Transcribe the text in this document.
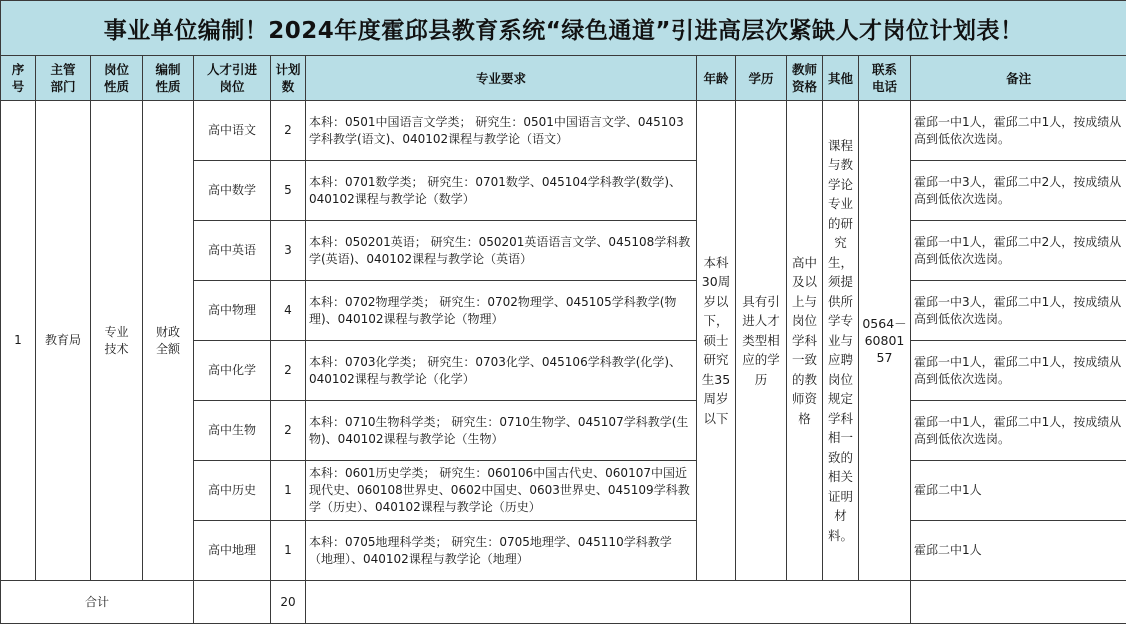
事业单位编制！2024年度霍邱县教育系统“绿色通道”引进高层次紧缺人才岗位计划表！												

序号	主管部门	岗位性质	编制性质	人才引进岗位	计划数	专业要求	年龄	学历	教师资格	其他	联系电话	备注
1	教育局	专业技术	财政全额	高中语文	2	本科：0501中国语言文学类； 研究生：0501中国语言文学、045103学科教学(语文)、040102课程与教学论（语文）	本科30周岁以下，硕士研究生35周岁以下	具有引进人才类型相应的学历	高中及以上与岗位学科一致的教师资格	课程与教学论专业的研究生，须提供所学专业与应聘岗位规定学科相一致的相关证明材料。	0564－6080157	霍邱一中1人，霍邱二中1人，按成绩从高到低依次选岗。
				高中数学	5	本科：0701数学类； 研究生：0701数学、045104学科教学(数学)、040102课程与教学论（数学）						霍邱一中3人，霍邱二中2人，按成绩从高到低依次选岗。
				高中英语	3	本科：050201英语； 研究生：050201英语语言文学、045108学科教学(英语)、040102课程与教学论（英语）						霍邱一中1人，霍邱二中2人，按成绩从高到低依次选岗。
				高中物理	4	本科：0702物理学类； 研究生：0702物理学、045105学科教学(物理)、040102课程与教学论（物理）						霍邱一中3人，霍邱二中1人，按成绩从高到低依次选岗。
				高中化学	2	本科：0703化学类； 研究生：0703化学、045106学科教学(化学)、040102课程与教学论（化学）						霍邱一中1人，霍邱二中1人，按成绩从高到低依次选岗。
				高中生物	2	本科：0710生物科学类； 研究生：0710生物学、045107学科教学(生物)、040102课程与教学论（生物）						霍邱一中1人，霍邱二中1人，按成绩从高到低依次选岗。
				高中历史	1	本科：0601历史学类； 研究生：060106中国古代史、060107中国近现代史、060108世界史、0602中国史、0603世界史、045109学科教学（历史）、040102课程与教学论（历史）						霍邱二中1人
				高中地理	1	本科：0705地理科学类； 研究生：0705地理学、045110学科教学（地理）、040102课程与教学论（地理）						霍邱二中1人
合计					20							
